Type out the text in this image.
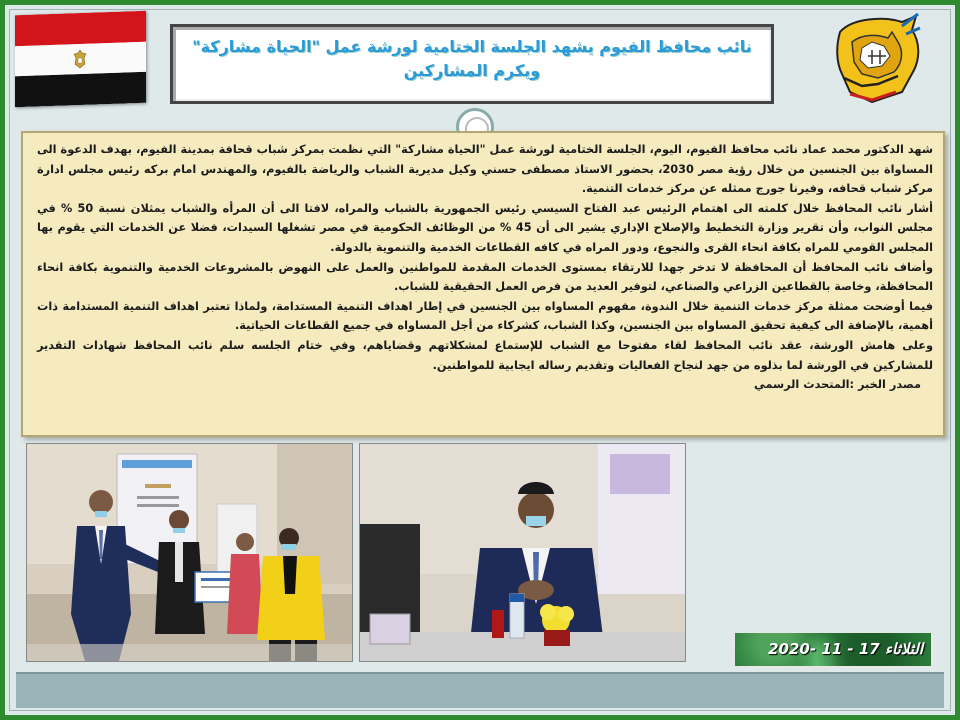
نائب محافظ الفيوم يشهد الجلسة الختامية لورشة عمل "الحياة مشاركة" ويكرم المشاركين

شهد الدكتور محمد عماد نائب محافظ الفيوم، اليوم، الجلسة الختامية لورشة عمل "الحياة مشاركة" التي نظمت بمركز شباب قحافة بمدينة الفيوم، بهدف الدعوة الى المساواة بين الجنسين من خلال رؤية مصر 2030، بحضور الاستاذ مصطفى حسني وكيل مديرية الشباب والرياضة بالفيوم، والمهندس امام بركه رئيس مجلس ادارة مركز شباب قحافه، وفيرنا جورج ممثله عن مركز خدمات التنمية.

أشار نائب المحافظ خلال كلمته الى اهتمام الرئيس عبد الفتاح السيسي رئيس الجمهورية بالشباب والمراه، لافتا الى أن المرأه والشباب يمثلان نسبة 50 % في مجلس النواب، وأن تقرير وزارة التخطيط والإصلاح الإداري يشير الى أن 45 % من الوظائف الحكومية في مصر تشغلها السيدات، فضلا عن الخدمات التي يقوم بها المجلس القومي للمراه بكافة انحاء القرى والنجوع، ودور المراه في كافه القطاعات الخدمية والتنموية بالدولة.

وأضاف نائب المحافظ أن المحافظة لا تدخر جهدا للارتقاء بمستوى الخدمات المقدمة للمواطنين والعمل على النهوض بالمشروعات الخدمية والتنموية بكافة انحاء المحافظة، وخاصة بالقطاعين الزراعي والصناعي، لتوفير العديد من فرص العمل الحقيقية للشباب.

فيما أوضحت ممثلة مركز خدمات التنمية خلال الندوة، مفهوم المساواه بين الجنسين في إطار اهداف التنمية المستدامة، ولماذا تعتبر اهداف التنمية المستدامة ذات أهمية، بالإضافة الى كيفية تحقيق المساواه بين الجنسين، وكذا الشباب، كشركاء من أجل المساواه في جميع القطاعات الحياتية.

وعلى هامش الورشة، عقد نائب المحافظ لقاء مفتوحا مع الشباب للإستماع لمشكلاتهم وقضاياهم، وفي ختام الجلسه سلم نائب المحافظ شهادات التقدير للمشاركين في الورشة لما بذلوه من جهد لنجاح الفعاليات وتقديم رساله ايجابية للمواطنين.

مصدر الخبر :المتحدث الرسمي

الثلاثاء 17 - 11 -2020
